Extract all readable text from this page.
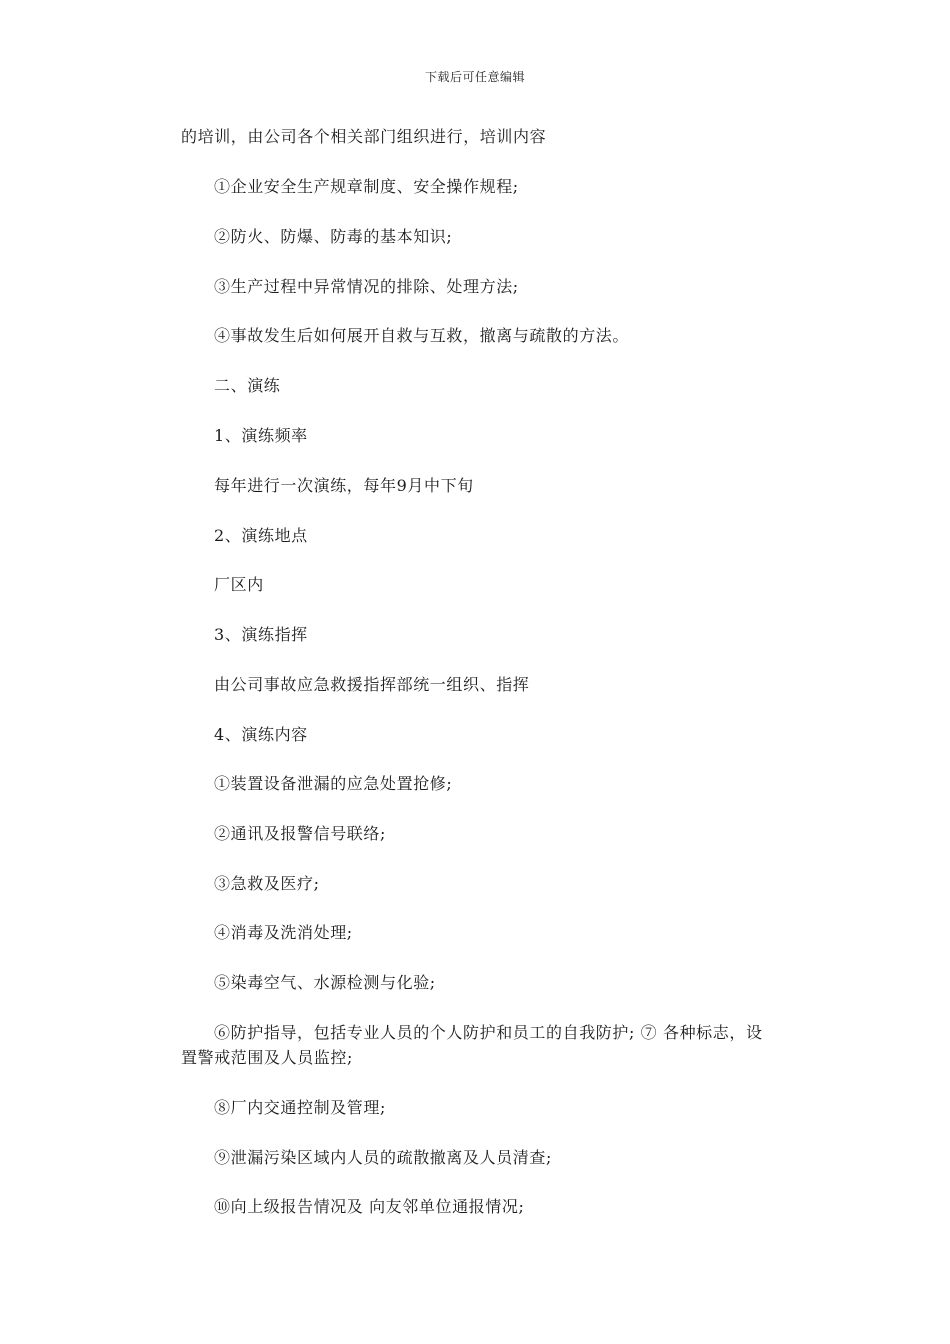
下载后可任意编辑
的培训，由公司各个相关部门组织进行，培训内容
①企业安全生产规章制度、安全操作规程;
②防火、防爆、防毒的基本知识;
③生产过程中异常情况的排除、处理方法;
④事故发生后如何展开自救与互救，撤离与疏散的方法。
二、演练
1、演练频率
每年进行一次演练，每年9月中下旬
2、演练地点
厂区内
3、演练指挥
由公司事故应急救援指挥部统一组织、指挥
4、演练内容
①装置设备泄漏的应急处置抢修;
②通讯及报警信号联络;
③急救及医疗;
④消毒及洗消处理;
⑤染毒空气、水源检测与化验;
⑥防护指导，包括专业人员的个人防护和员工的自我防护; ⑦ 各种标志，设
置警戒范围及人员监控;
⑧厂内交通控制及管理;
⑨泄漏污染区域内人员的疏散撤离及人员清查;
⑩向上级报告情况及 向友邻单位通报情况;
